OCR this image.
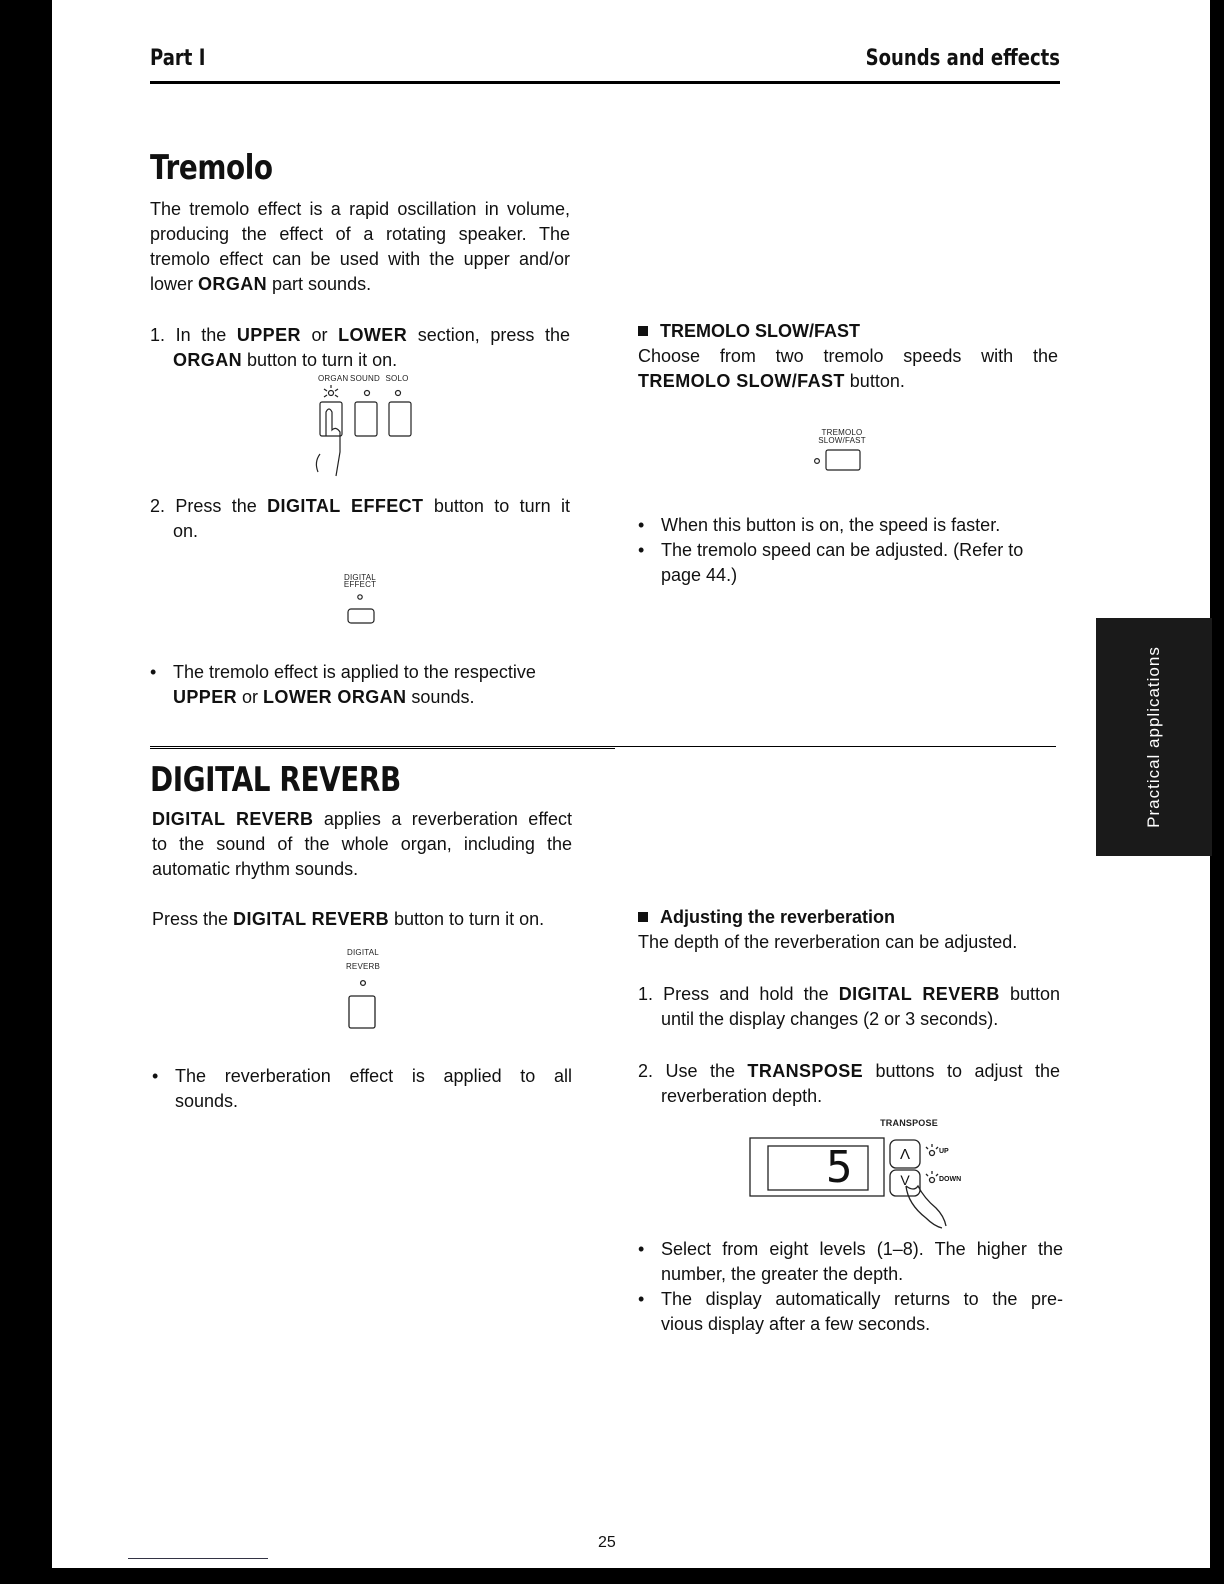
Part I	Sounds and effects
Tremolo
The tremolo effect is a rapid oscillation in volume,
producing the effect of a rotating speaker. The
tremolo effect can be used with the upper and/or
lower ORGAN part sounds.
1. In the UPPER or LOWER section, press the
ORGAN button to turn it on.
ORGAN SOUND SOLO
2. Press the DIGITAL EFFECT button to turn it
on.
DIGITAL
EFFECT
• The tremolo effect is applied to the respective
UPPER or LOWER ORGAN sounds.
TREMOLO SLOW/FAST
Choose from two tremolo speeds with the
TREMOLO SLOW/FAST button.
TREMOLO
SLOW/FAST
• When this button is on, the speed is faster.
• The tremolo speed can be adjusted. (Refer to
page 44.)
DIGITAL REVERB
DIGITAL REVERB applies a reverberation effect
to the sound of the whole organ, including the
automatic rhythm sounds.
Press the DIGITAL REVERB button to turn it on.
DIGITAL
REVERB
• The reverberation effect is applied to all
sounds.
Adjusting the reverberation
The depth of the reverberation can be adjusted.
1. Press and hold the DIGITAL REVERB button
until the display changes (2 or 3 seconds).
2. Use the TRANSPOSE buttons to adjust the
reverberation depth.
TRANSPOSE
5	Λ
V
UP
DOWN
• Select from eight levels (1–8). The higher the
number, the greater the depth.
• The display automatically returns to the pre-
vious display after a few seconds.
Practical applications
25
